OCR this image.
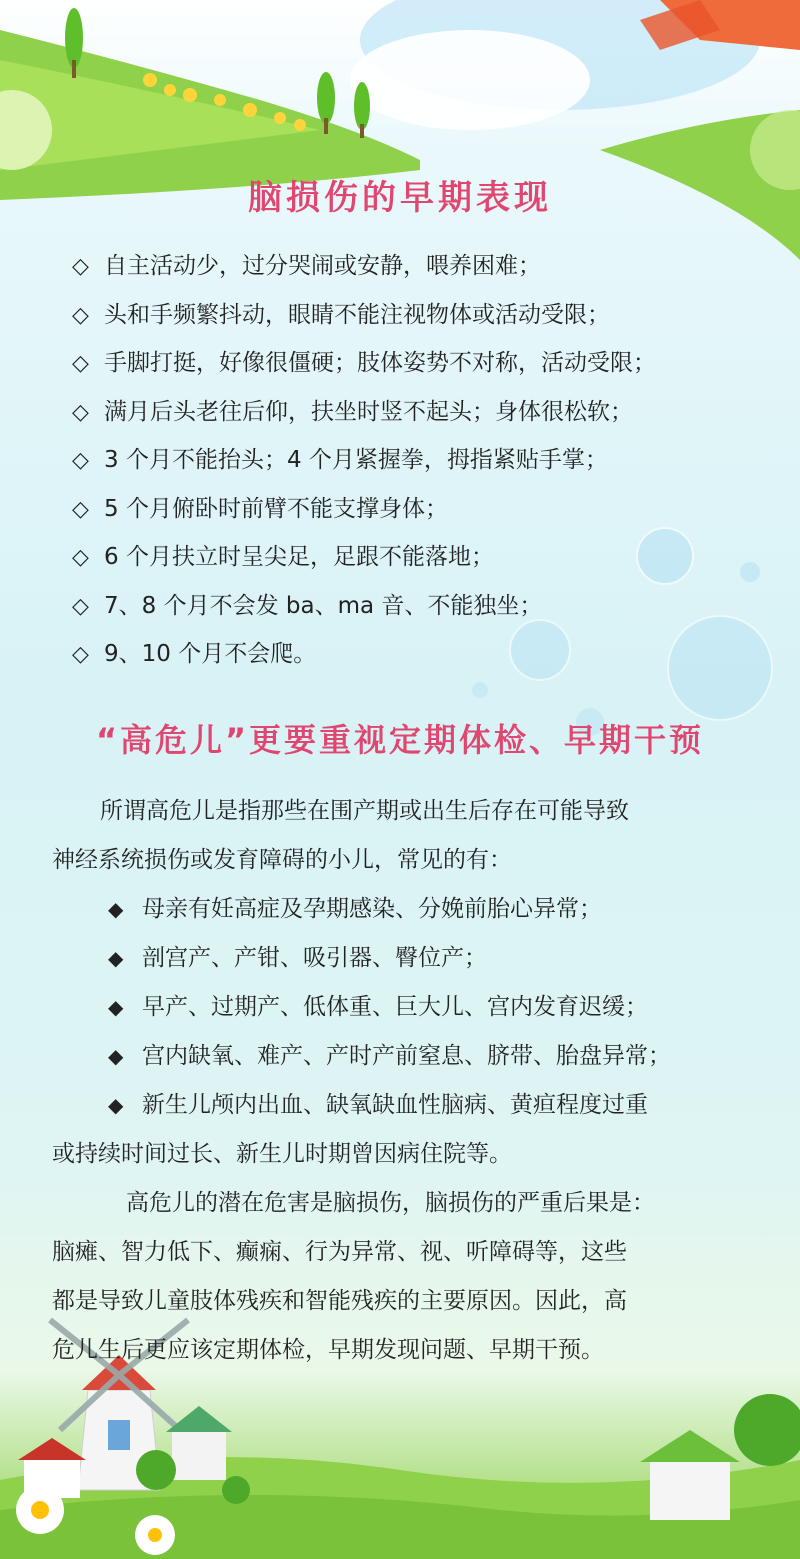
脑损伤的早期表现
◇ 自主活动少，过分哭闹或安静，喂养困难；
◇ 头和手频繁抖动，眼睛不能注视物体或活动受限；
◇ 手脚打挺，好像很僵硬；肢体姿势不对称，活动受限；
◇ 满月后头老往后仰，扶坐时竖不起头；身体很松软；
◇ 3 个月不能抬头；4 个月紧握拳，拇指紧贴手掌；
◇ 5 个月俯卧时前臂不能支撑身体；
◇ 6 个月扶立时呈尖足，足跟不能落地；
◇ 7、8 个月不会发 ba、ma 音、不能独坐；
◇ 9、10 个月不会爬。
“高危儿”更要重视定期体检、早期干预
所谓高危儿是指那些在围产期或出生后存在可能导致
神经系统损伤或发育障碍的小儿，常见的有：
◆ 母亲有妊高症及孕期感染、分娩前胎心异常；
◆ 剖宫产、产钳、吸引器、臀位产；
◆ 早产、过期产、低体重、巨大儿、宫内发育迟缓；
◆ 宫内缺氧、难产、产时产前窒息、脐带、胎盘异常；
◆ 新生儿颅内出血、缺氧缺血性脑病、黄疸程度过重
或持续时间过长、新生儿时期曾因病住院等。
高危儿的潜在危害是脑损伤，脑损伤的严重后果是：
脑瘫、智力低下、癫痫、行为异常、视、听障碍等，这些
都是导致儿童肢体残疾和智能残疾的主要原因。因此，高
危儿生后更应该定期体检，早期发现问题、早期干预。
